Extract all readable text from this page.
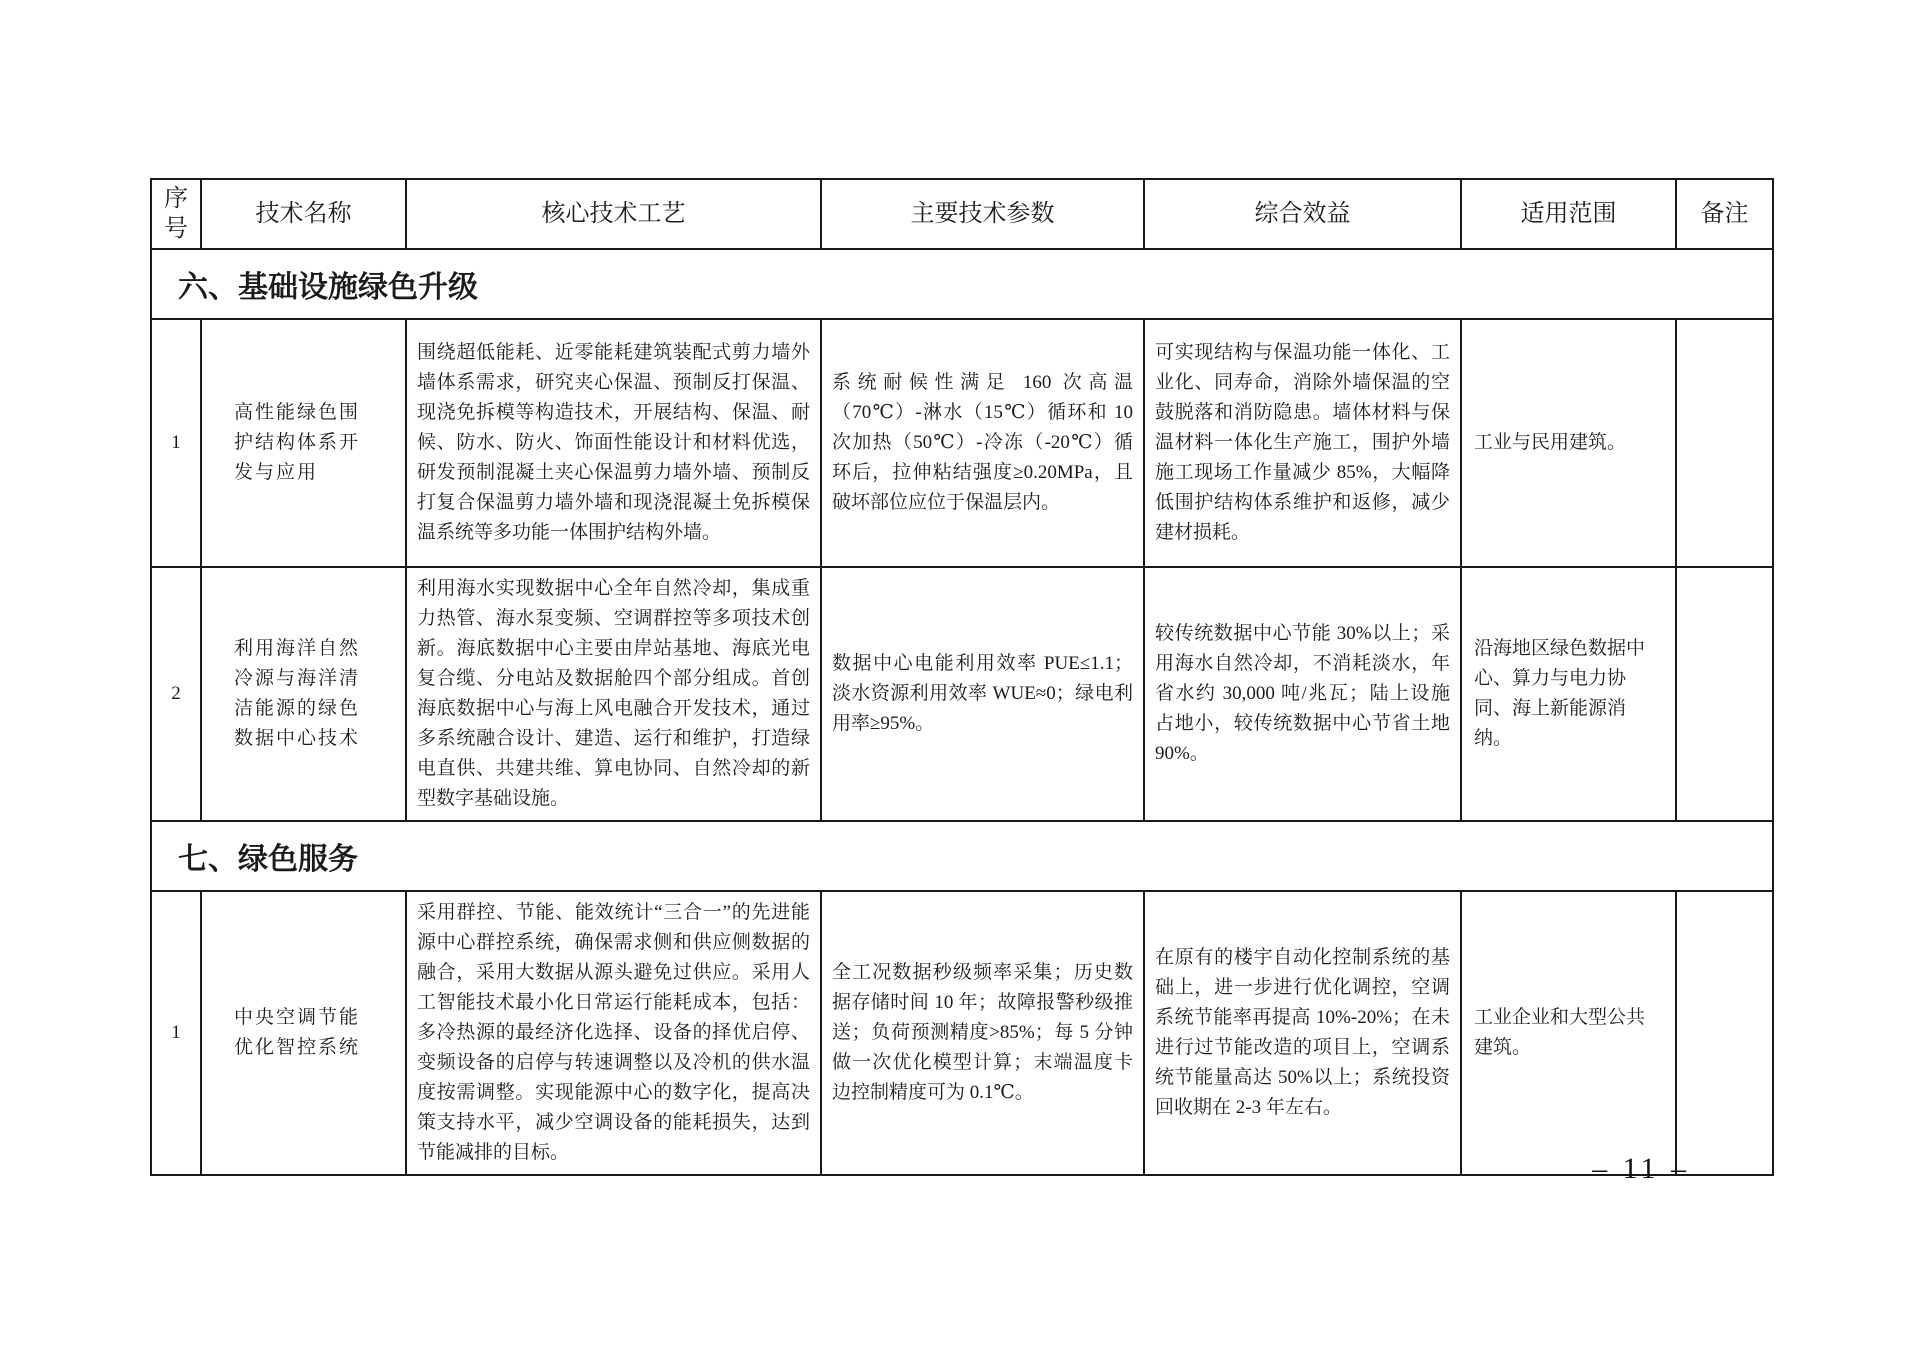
序号	技术名称	核心技术工艺	主要技术参数	综合效益	适用范围	备注
六、基础设施绿色升级						
1	高性能绿色围护结构体系开发与应用	围绕超低能耗、近零能耗建筑装配式剪力墙外墙体系需求，研究夹心保温、预制反打保温、现浇免拆模等构造技术，开展结构、保温、耐候、防水、防火、饰面性能设计和材料优选，研发预制混凝土夹心保温剪力墙外墙、预制反打复合保温剪力墙外墙和现浇混凝土免拆模保温系统等多功能一体围护结构外墙。	系统耐候性满足 160 次高温（70℃）-淋水（15℃）循环和 10 次加热（50℃）-冷冻（-20℃）循环后，拉伸粘结强度≥0.20MPa，且破坏部位应位于保温层内。	可实现结构与保温功能一体化、工业化、同寿命，消除外墙保温的空鼓脱落和消防隐患。墙体材料与保温材料一体化生产施工，围护外墙施工现场工作量减少 85%，大幅降低围护结构体系维护和返修，减少建材损耗。	工业与民用建筑。	
2	利用海洋自然冷源与海洋清洁能源的绿色数据中心技术	利用海水实现数据中心全年自然冷却，集成重力热管、海水泵变频、空调群控等多项技术创新。海底数据中心主要由岸站基地、海底光电复合缆、分电站及数据舱四个部分组成。首创海底数据中心与海上风电融合开发技术，通过多系统融合设计、建造、运行和维护，打造绿电直供、共建共维、算电协同、自然冷却的新型数字基础设施。	数据中心电能利用效率 PUE≤1.1；淡水资源利用效率 WUE≈0；绿电利用率≥95%。	较传统数据中心节能 30%以上；采用海水自然冷却，不消耗淡水，年省水约 30,000 吨/兆瓦；陆上设施占地小，较传统数据中心节省土地 90%。	沿海地区绿色数据中心、算力与电力协同、海上新能源消纳。	
七、绿色服务						
1	中央空调节能优化智控系统	采用群控、节能、能效统计“三合一”的先进能源中心群控系统，确保需求侧和供应侧数据的融合，采用大数据从源头避免过供应。采用人工智能技术最小化日常运行能耗成本，包括：多冷热源的最经济化选择、设备的择优启停、变频设备的启停与转速调整以及冷机的供水温度按需调整。实现能源中心的数字化，提高决策支持水平，减少空调设备的能耗损失，达到节能减排的目标。	全工况数据秒级频率采集；历史数据存储时间 10 年；故障报警秒级推送；负荷预测精度>85%；每 5 分钟做一次优化模型计算；末端温度卡边控制精度可为 0.1℃。	在原有的楼宇自动化控制系统的基础上，进一步进行优化调控，空调系统节能率再提高 10%-20%；在未进行过节能改造的项目上，空调系统节能量高达 50%以上；系统投资回收期在 2-3 年左右。	工业企业和大型公共建筑。	
– 11 –
